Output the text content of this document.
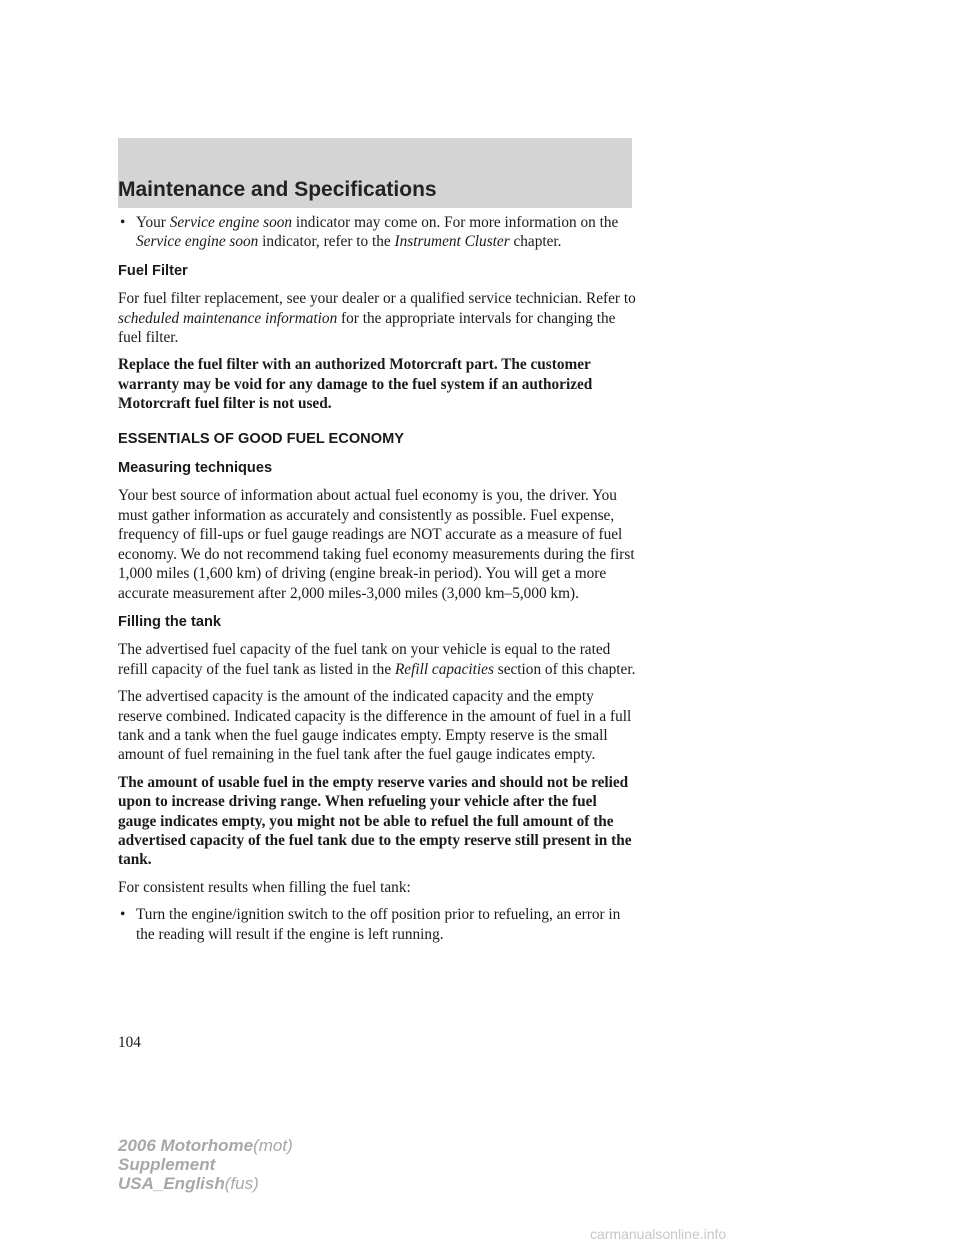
Maintenance and Specifications
• Your Service engine soon indicator may come on. For more information on the Service engine soon indicator, refer to the Instrument Cluster chapter.
Fuel Filter

For fuel filter replacement, see your dealer or a qualified service technician. Refer to scheduled maintenance information for the appropriate intervals for changing the fuel filter.

Replace the fuel filter with an authorized Motorcraft part. The customer warranty may be void for any damage to the fuel system if an authorized Motorcraft fuel filter is not used.

ESSENTIALS OF GOOD FUEL ECONOMY
Measuring techniques

Your best source of information about actual fuel economy is you, the driver. You must gather information as accurately and consistently as possible. Fuel expense, frequency of fill-ups or fuel gauge readings are NOT accurate as a measure of fuel economy. We do not recommend taking fuel economy measurements during the first 1,000 miles (1,600 km) of driving (engine break-in period). You will get a more accurate measurement after 2,000 miles-3,000 miles (3,000 km–5,000 km).

Filling the tank

The advertised fuel capacity of the fuel tank on your vehicle is equal to the rated refill capacity of the fuel tank as listed in the Refill capacities section of this chapter.

The advertised capacity is the amount of the indicated capacity and the empty reserve combined. Indicated capacity is the difference in the amount of fuel in a full tank and a tank when the fuel gauge indicates empty. Empty reserve is the small amount of fuel remaining in the fuel tank after the fuel gauge indicates empty.

The amount of usable fuel in the empty reserve varies and should not be relied upon to increase driving range. When refueling your vehicle after the fuel gauge indicates empty, you might not be able to refuel the full amount of the advertised capacity of the fuel tank due to the empty reserve still present in the tank.

For consistent results when filling the fuel tank:

• Turn the engine/ignition switch to the off position prior to refueling, an error in the reading will result if the engine is left running.
104
2006 Motorhome(mot)
Supplement
USA_English(fus)
carmanualsonline.info
